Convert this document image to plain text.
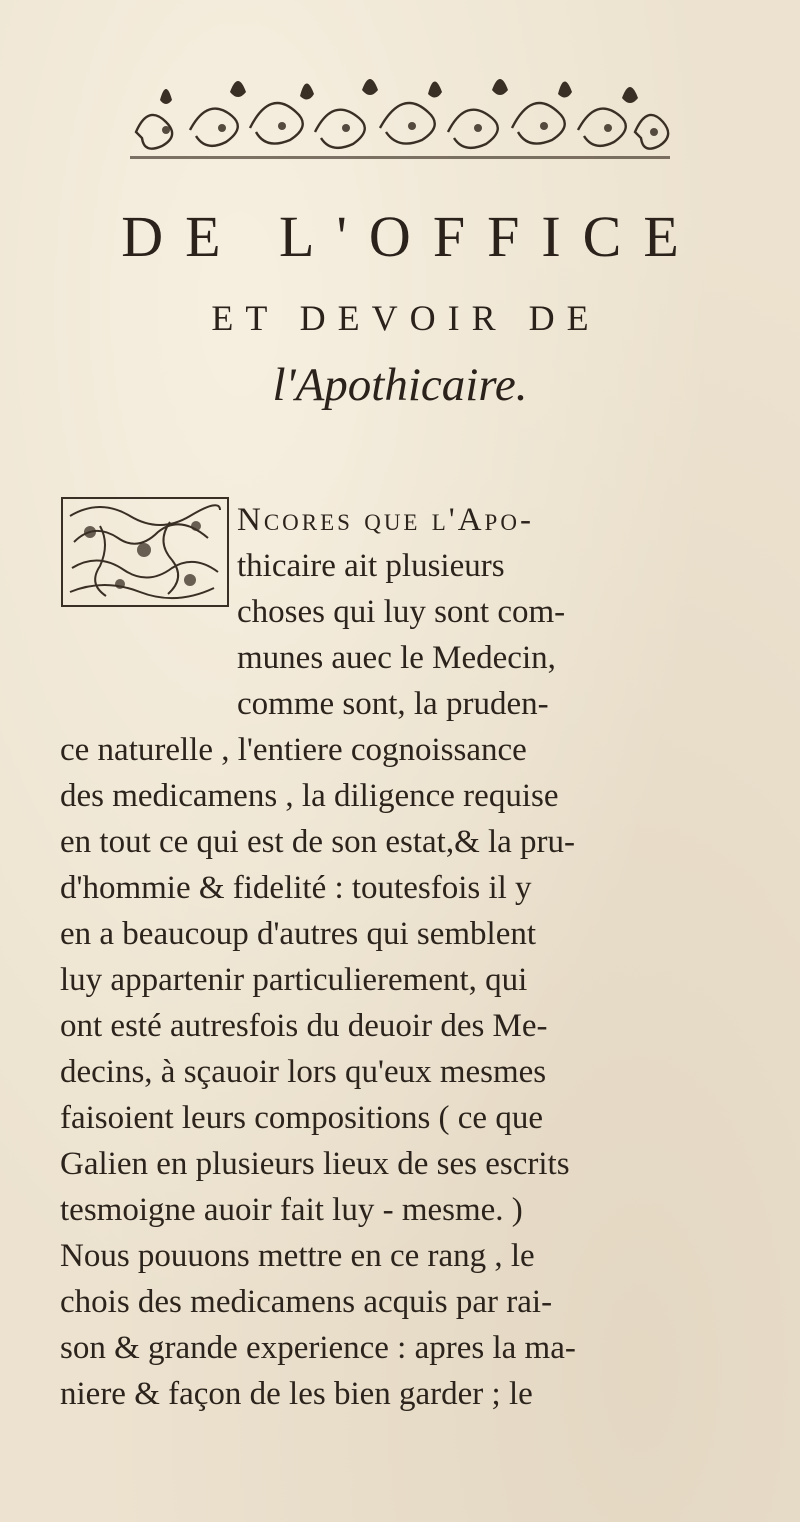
DE L'OFFICE
ET DEVOIR DE
l'Apothicaire.
Ncores que l'Apo-
thicaire ait plusieurs
choses qui luy sont com-
munes auec le Medecin,
comme sont, la pruden-
ce naturelle , l'entiere cognoissance
des medicamens , la diligence requise
en tout ce qui est de son estat,& la pru-
d'hommie & fidelité : toutesfois il y
en a beaucoup d'autres qui semblent
luy appartenir particulierement, qui
ont esté autresfois du deuoir des Me-
decins, à sçauoir lors qu'eux mesmes
faisoient leurs compositions ( ce que
Galien en plusieurs lieux de ses escrits
tesmoigne auoir fait luy - mesme. )
Nous pouuons mettre en ce rang , le
chois des medicamens acquis par rai-
son & grande experience : apres la ma-
niere & façon de les bien garder ; le
